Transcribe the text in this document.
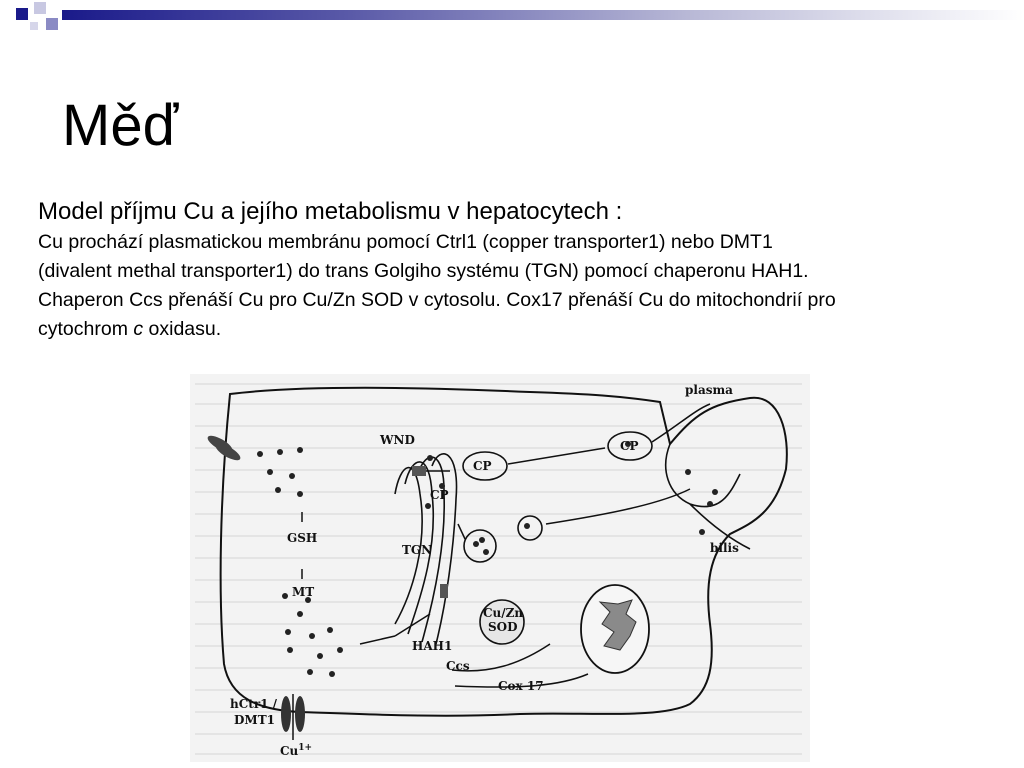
Měď
Model příjmu Cu a jejího metabolismu v hepatocytech :
Cu prochází plasmatickou membránu pomocí Ctrl1 (copper transporter1) nebo DMT1
(divalent methal transporter1) do trans Golgiho systému (TGN) pomocí chaperonu HAH1.
Chaperon Ccs přenáší Cu pro Cu/Zn SOD v cytosolu. Cox17 přenáší Cu do mitochondrií pro
cytochrom c oxidasu.
plasma
WND
CP
CP
CP
bilis
GSH
TGN
MT
Cu/Zn
SOD
HAH1
Ccs
Cox 17
hCtr1 /
DMT1
$Cu^{1+}$
